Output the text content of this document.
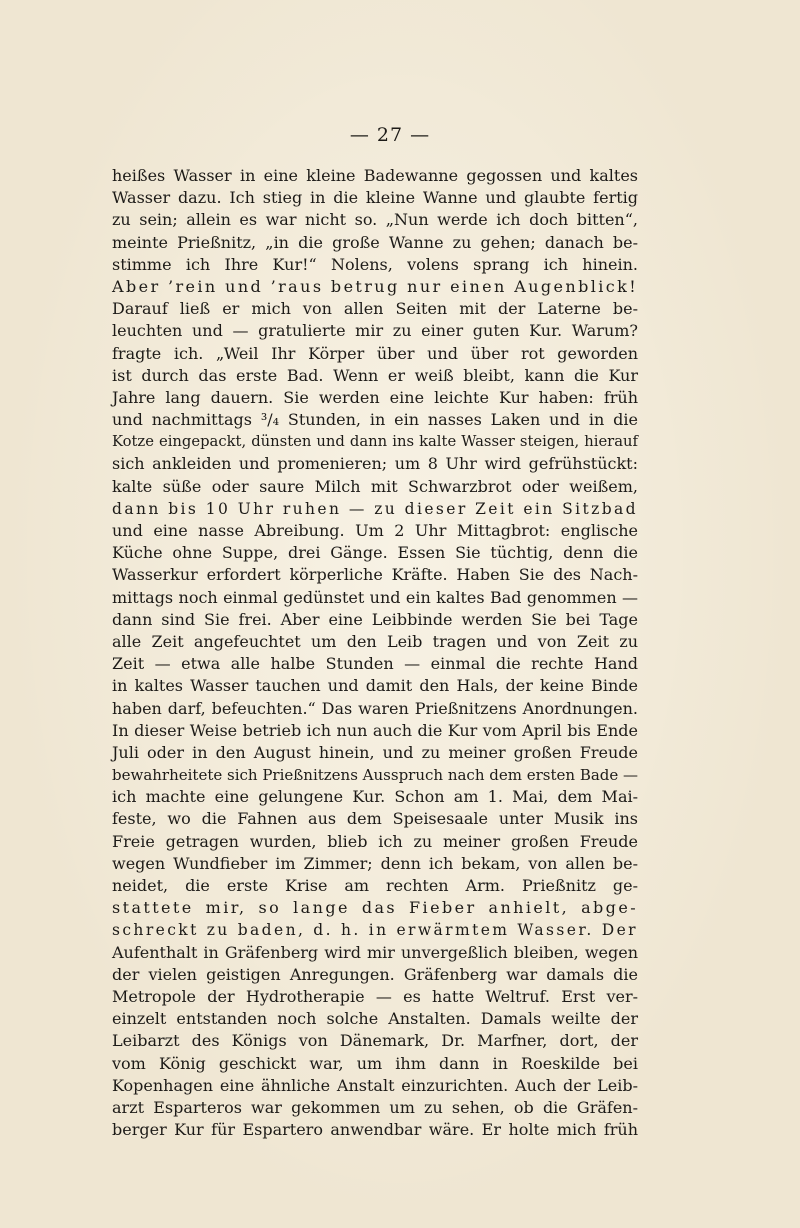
— 27 —
heißes Wasser in eine kleine Badewanne gegossen und kaltes
Wasser dazu. Ich stieg in die kleine Wanne und glaubte fertig
zu sein; allein es war nicht so. „Nun werde ich doch bitten“,
meinte Prießnitz, „in die große Wanne zu gehen; danach be-
stimme ich Ihre Kur!“ Nolens, volens sprang ich hinein.
Aber ’rein und ’raus betrug nur einen Augenblick!
Darauf ließ er mich von allen Seiten mit der Laterne be-
leuchten und — gratulierte mir zu einer guten Kur. Warum?
fragte ich. „Weil Ihr Körper über und über rot geworden
ist durch das erste Bad. Wenn er weiß bleibt, kann die Kur
Jahre lang dauern. Sie werden eine leichte Kur haben: früh
und nachmittags ³/₄ Stunden, in ein nasses Laken und in die
Kotze eingepackt, dünsten und dann ins kalte Wasser steigen, hierauf
sich ankleiden und promenieren; um 8 Uhr wird gefrühstückt:
kalte süße oder saure Milch mit Schwarzbrot oder weißem,
dann bis 10 Uhr ruhen — zu dieser Zeit ein Sitzbad
und eine nasse Abreibung. Um 2 Uhr Mittagbrot: englische
Küche ohne Suppe, drei Gänge. Essen Sie tüchtig, denn die
Wasserkur erfordert körperliche Kräfte. Haben Sie des Nach-
mittags noch einmal gedünstet und ein kaltes Bad genommen —
dann sind Sie frei. Aber eine Leibbinde werden Sie bei Tage
alle Zeit angefeuchtet um den Leib tragen und von Zeit zu
Zeit — etwa alle halbe Stunden — einmal die rechte Hand
in kaltes Wasser tauchen und damit den Hals, der keine Binde
haben darf, befeuchten.“ Das waren Prießnitzens Anordnungen.
In dieser Weise betrieb ich nun auch die Kur vom April bis Ende
Juli oder in den August hinein, und zu meiner großen Freude
bewahrheitete sich Prießnitzens Ausspruch nach dem ersten Bade —
ich machte eine gelungene Kur. Schon am 1. Mai, dem Mai-
feste, wo die Fahnen aus dem Speisesaale unter Musik ins
Freie getragen wurden, blieb ich zu meiner großen Freude
wegen Wundfieber im Zimmer; denn ich bekam, von allen be-
neidet, die erste Krise am rechten Arm. Prießnitz ge-
stattete mir, so lange das Fieber anhielt, abge-
schreckt zu baden, d. h. in erwärmtem Wasser. Der
Aufenthalt in Gräfenberg wird mir unvergeßlich bleiben, wegen
der vielen geistigen Anregungen. Gräfenberg war damals die
Metropole der Hydrotherapie — es hatte Weltruf. Erst ver-
einzelt entstanden noch solche Anstalten. Damals weilte der
Leibarzt des Königs von Dänemark, Dr. Marfner, dort, der
vom König geschickt war, um ihm dann in Roeskilde bei
Kopenhagen eine ähnliche Anstalt einzurichten. Auch der Leib-
arzt Esparteros war gekommen um zu sehen, ob die Gräfen-
berger Kur für Espartero anwendbar wäre. Er holte mich früh
